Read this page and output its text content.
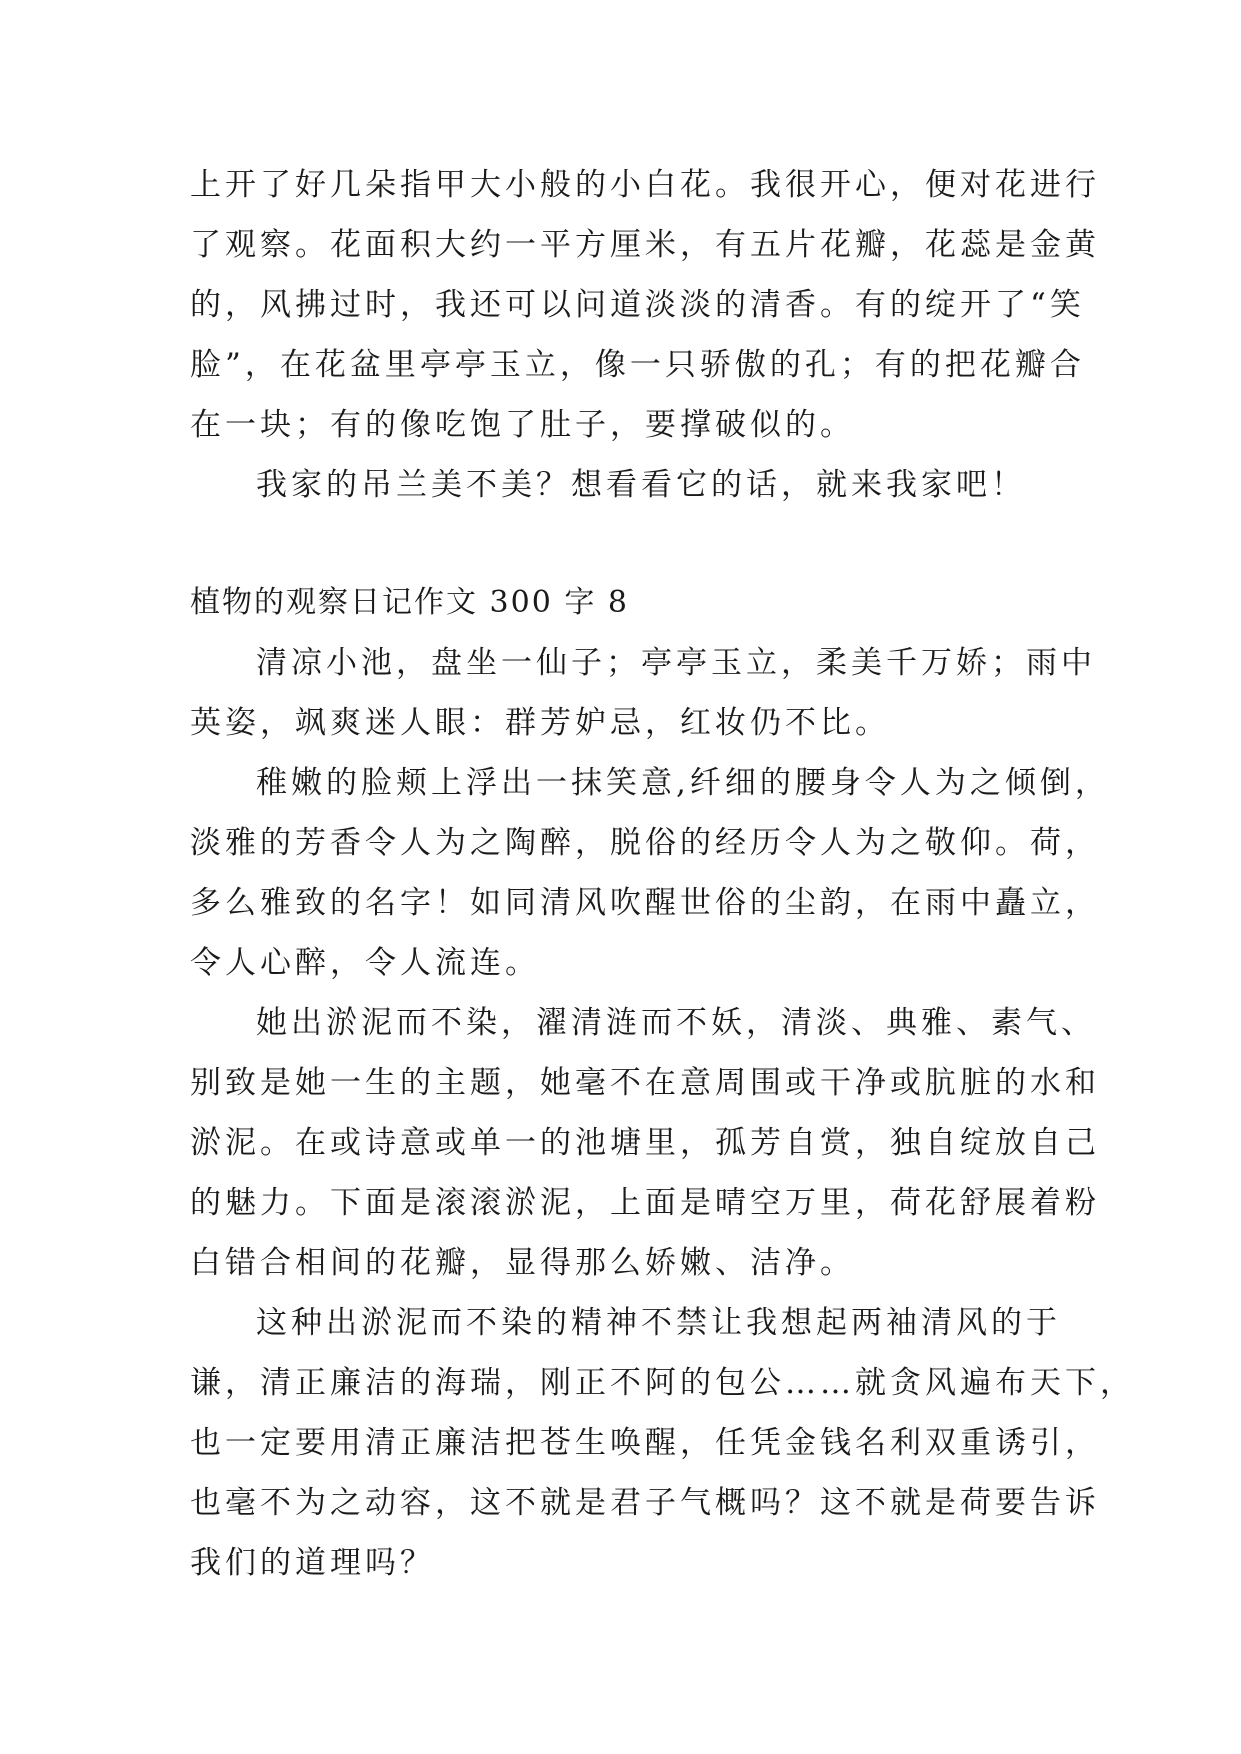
上开了好几朵指甲大小般的小白花。我很开心，便对花进行
了观察。花面积大约一平方厘米，有五片花瓣，花蕊是金黄
的，风拂过时，我还可以问道淡淡的清香。有的绽开了“笑
脸”，在花盆里亭亭玉立，像一只骄傲的孔；有的把花瓣合
在一块；有的像吃饱了肚子，要撑破似的。
我家的吊兰美不美？想看看它的话，就来我家吧！
植物的观察日记作文 300 字 8
清凉小池，盘坐一仙子；亭亭玉立，柔美千万娇；雨中
英姿，飒爽迷人眼：群芳妒忌，红妆仍不比。
稚嫩的脸颊上浮出一抹笑意,纤细的腰身令人为之倾倒，
淡雅的芳香令人为之陶醉，脱俗的经历令人为之敬仰。荷，
多么雅致的名字！如同清风吹醒世俗的尘韵，在雨中矗立，
令人心醉，令人流连。
她出淤泥而不染，濯清涟而不妖，清淡、典雅、素气、
别致是她一生的主题，她毫不在意周围或干净或肮脏的水和
淤泥。在或诗意或单一的池塘里，孤芳自赏，独自绽放自己
的魅力。下面是滚滚淤泥，上面是晴空万里，荷花舒展着粉
白错合相间的花瓣，显得那么娇嫩、洁净。
这种出淤泥而不染的精神不禁让我想起两袖清风的于
谦，清正廉洁的海瑞，刚正不阿的包公……就贪风遍布天下，
也一定要用清正廉洁把苍生唤醒，任凭金钱名利双重诱引，
也毫不为之动容，这不就是君子气概吗？这不就是荷要告诉
我们的道理吗？
